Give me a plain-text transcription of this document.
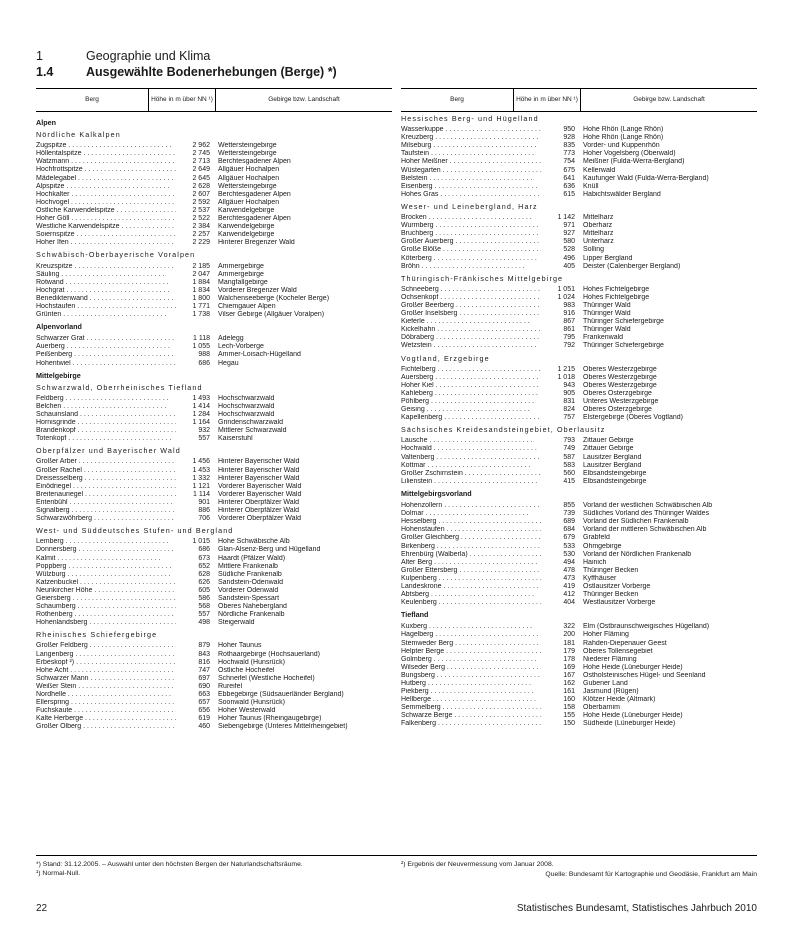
1	Geographie und Klima
1.4	Ausgewählte Bodenerhebungen (Berge) *)
Berg	Höhe in m über NN ¹)	Gebirge bzw. Landschaft
Alpen
Nördliche Kalkalpen
Zugspitze . . .	2 962	Wettersteingebirge
Höllentalspitze . . .	2 745	Wettersteingebirge
Watzmann . . .	2 713	Berchtesgadener Alpen
Hochfrottspitze . . .	2 649	Allgäuer Hochalpen
Mädelegabel . . .	2 645	Allgäuer Hochalpen
Alpspitze . . .	2 628	Wettersteingebirge
Hochkalter . . .	2 607	Berchtesgadener Alpen
Hochvogel . . .	2 592	Allgäuer Hochalpen
Östliche Karwendelspitze . . .	2 537	Karwendelgebirge
Hoher Göll . . .	2 522	Berchtesgadener Alpen
Westliche Karwendelspitze . . .	2 384	Karwendelgebirge
Soiernspitze . . .	2 257	Karwendelgebirge
Hoher Ifen . . .	2 229	Hinterer Bregenzer Wald
Schwäbisch-Oberbayerische Voralpen
Kreuzspitze . . .	2 185	Ammergebirge
Säuling . . .	2 047	Ammergebirge
Rotwand . . .	1 884	Mangfallgebirge
Hochgrat . . .	1 834	Vorderer Bregenzer Wald
Benediktenwand . . .	1 800	Walchenseeberge (Kocheler Berge)
Hochstaufen . . .	1 771	Chiemgauer Alpen
Grünten . . .	1 738	Vilser Gebirge (Allgäuer Voralpen)
Alpenvorland
Schwarzer Grat . . .	1 118	Adelegg
Auerberg . . .	1 055	Lech-Vorberge
Peißenberg . . .	988	Ammer-Loisach-Hügelland
Hohentwiel . . .	686	Hegau
Mittelgebirge
Schwarzwald, Oberrheinisches Tiefland
Feldberg . . .	1 493	Hochschwarzwald
Belchen . . .	1 414	Hochschwarzwald
Schauinsland . . .	1 284	Hochschwarzwald
Hornisgrinde . . .	1 164	Grindenschwarzwald
Brandenkopf . . .	932	Mittlerer Schwarzwald
Totenkopf . . .	557	Kaiserstuhl
Oberpfälzer und Bayerischer Wald
Großer Arber . . .	1 456	Hinterer Bayerischer Wald
Großer Rachel . . .	1 453	Hinterer Bayerischer Wald
Dreisesselberg . . .	1 332	Hinterer Bayerischer Wald
Einödriegel . . .	1 121	Vorderer Bayerischer Wald
Breitenauriegel . . .	1 114	Vorderer Bayerischer Wald
Entenbühl . . .	901	Hinterer Oberpfälzer Wald
Signalberg . . .	886	Hinterer Oberpfälzer Wald
Schwarzwöhrberg . . .	706	Vorderer Oberpfälzer Wald
West- und Süddeutsches Stufen- und Bergland
Lemberg . . .	1 015	Hohe Schwäbische Alb
Donnersberg . . .	686	Glan-Alsenz-Berg und Hügelland
Kalmit . . .	673	Haardt (Pfälzer Wald)
Poppberg . . .	652	Mittlere Frankenalb
Wülzburg . . .	628	Südliche Frankenalb
Katzenbuckel . . .	626	Sandstein-Odenwald
Neunkircher Höhe . . .	605	Vorderer Odenwald
Geiersberg . . .	586	Sandstein-Spessart
Schaumberg . . .	568	Oberes Nahebergland
Rothenberg . . .	557	Nördliche Frankenalb
Hohenlandsberg . . .	498	Steigerwald
Rheinisches Schiefergebirge
Großer Feldberg . . .	879	Hoher Taunus
Langenberg . . .	843	Rothaargebirge (Hochsauerland)
Erbeskopf ²) . . .	816	Hochwald (Hunsrück)
Hohe Acht . . .	747	Östliche Hocheifel
Schwarzer Mann . . .	697	Schneifel (Westliche Hocheifel)
Weißer Stein . . .	690	Rureifel
Nordhelle . . .	663	Ebbegebirge (Südsauerländer Bergland)
Ellerspring . . .	657	Soonwald (Hunsrück)
Fuchskaute . . .	656	Hoher Westerwald
Kalte Herberge . . .	619	Hoher Taunus (Rheingaugebirge)
Großer Ölberg . . .	460	Siebengebirge (Unteres Mittelrheingebiet)
Berg	Höhe in m über NN ¹)	Gebirge bzw. Landschaft
Hessisches Berg- und Hügelland
Wasserkuppe . . .	950	Hohe Rhön (Lange Rhön)
Kreuzberg . . .	928	Hohe Rhön (Lange Rhön)
Milseburg . . .	835	Vorder- und Kuppenrhön
Taufstein . . .	773	Hoher Vogelsberg (Oberwald)
Hoher Meißner . . .	754	Meißner (Fulda-Werra-Bergland)
Wüstegarten . . .	675	Kellerwald
Bielstein . . .	641	Kaufunger Wald (Fulda-Werra-Bergland)
Eisenberg . . .	636	Knüll
Hohes Gras . . .	615	Habichtswälder Bergland
Weser- und Leinebergland, Harz
Brocken . . .	1 142	Mittelharz
Wurmberg . . .	971	Oberharz
Bruchberg . . .	927	Mittelharz
Großer Auerberg . . .	580	Unterharz
Große Blöße . . .	528	Solling
Köterberg . . .	496	Lipper Bergland
Bröhn . . .	405	Deister (Calenberger Bergland)
Thüringisch-Fränkisches Mittelgebirge
Schneeberg . . .	1 051	Hohes Fichtelgebirge
Ochsenkopf . . .	1 024	Hohes Fichtelgebirge
Großer Beerberg . . .	983	Thüringer Wald
Großer Inselsberg . . .	916	Thüringer Wald
Kieferle . . .	867	Thüringer Schiefergebirge
Kickelhahn . . .	861	Thüringer Wald
Döbraberg . . .	795	Frankenwald
Wetzstein . . .	792	Thüringer Schiefergebirge
Vogtland, Erzgebirge
Fichtelberg . . .	1 215	Oberes Westerzgebirge
Auersberg . . .	1 018	Oberes Westerzgebirge
Hoher Kiel . . .	943	Oberes Westerzgebirge
Kahleberg . . .	905	Oberes Osterzgebirge
Pöhlberg . . .	831	Unteres Westerzgebirge
Geising . . .	824	Oberes Osterzgebirge
Kapellenberg . . .	757	Elstergebirge (Oberes Vogtland)
Sächsisches Kreidesandsteingebiet, Oberlausitz
Lausche . . .	793	Zittauer Gebirge
Hochwald . . .	749	Zittauer Gebirge
Valtenberg . . .	587	Lausitzer Bergland
Kottmar . . .	583	Lausitzer Bergland
Großer Zschirnstein . . .	560	Elbsandsteingebirge
Lilienstein . . .	415	Elbsandsteingebirge
Mittelgebirgsvorland
Hohenzollern . . .	855	Vorland der westlichen Schwäbischen Alb
Dolmar . . .	739	Südliches Vorland des Thüringer Waldes
Hesselberg . . .	689	Vorland der Südlichen Frankenalb
Hohenstaufen . . .	684	Vorland der mittleren Schwäbischen Alb
Großer Gleichberg . . .	679	Grabfeld
Birkenberg . . .	533	Ohmgebirge
Ehrenbürg (Walberla) . . .	530	Vorland der Nördlichen Frankenalb
Alter Berg . . .	494	Hainich
Großer Ettersberg . . .	478	Thüringer Becken
Kulpenberg . . .	473	Kyffhäuser
Landeskrone . . .	419	Ostlausitzer Vorberge
Abtsberg . . .	412	Thüringer Becken
Keulenberg . . .	404	Westlausitzer Vorberge
Tiefland
Kuxberg . . .	322	Elm (Ostbraunschweigisches Hügelland)
Hagelberg . . .	200	Hoher Fläming
Stemweder Berg . . .	181	Rahden-Diepenauer Geest
Helpter Berge . . .	179	Oberes Tollensegebiet
Golmberg . . .	178	Niederer Fläming
Wilseder Berg . . .	169	Hohe Heide (Lüneburger Heide)
Bungsberg . . .	167	Ostholsteinisches Hügel- und Seenland
Hutberg . . .	162	Gubener Land
Piekberg . . .	161	Jasmund (Rügen)
Hellberge . . .	160	Klötzer Heide (Altmark)
Semmelberg . . .	158	Oberbarnim
Schwarze Berge . . .	155	Hohe Heide (Lüneburger Heide)
Falkenberg . . .	150	Südheide (Lüneburger Heide)
*) Stand: 31.12.2005. – Auswahl unter den höchsten Bergen der Naturlandschaftsräume.
¹) Normal-Null.
²) Ergebnis der Neuvermessung vom Januar 2008.
Quelle: Bundesamt für Kartographie und Geodäsie, Frankfurt am Main
22	Statistisches Bundesamt, Statistisches Jahrbuch 2010
